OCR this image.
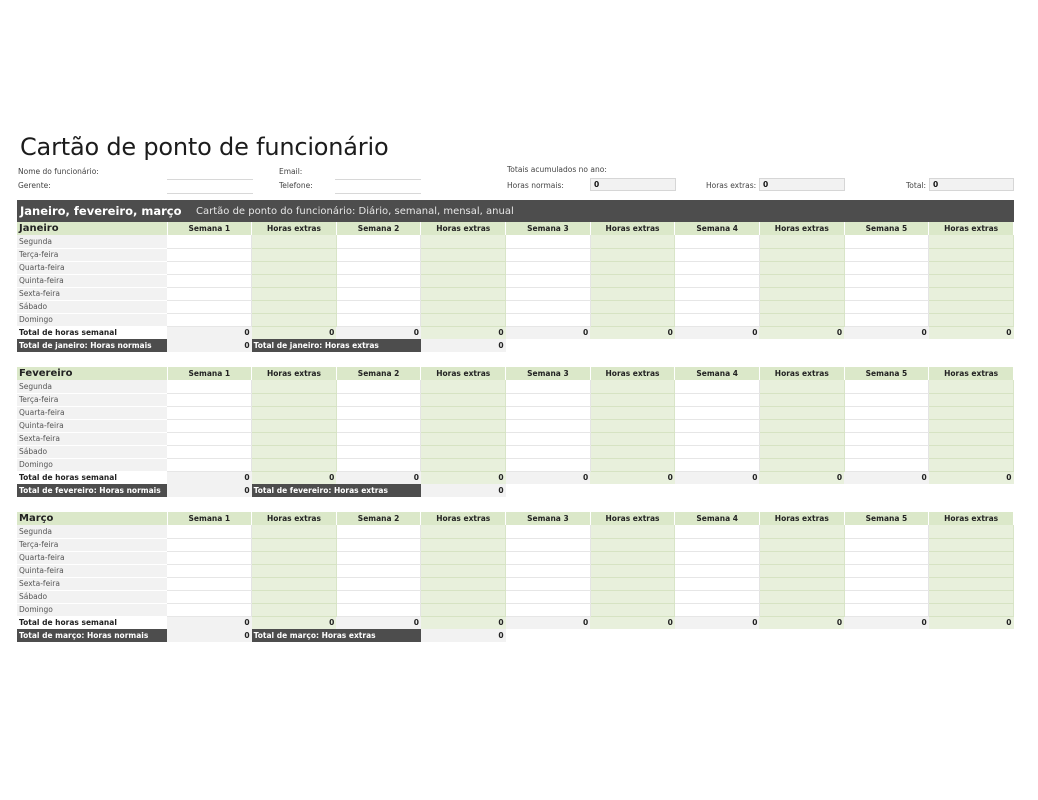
Cartão de ponto de funcionário
Nome do funcionário:
Gerente:
Email:
Telefone:
Totais acumulados no ano:
Horas normais:	0	Horas extras: 0	Total: 0
Janeiro, fevereiro, março	Cartão de ponto do funcionário: Diário, semanal, mensal, anual
Janeiro	Semana 1	Horas extras	Semana 2	Horas extras	Semana 3	Horas extras	Semana 4	Horas extras	Semana 5	Horas extras
Segunda										
Terça-feira										
Quarta-feira										
Quinta-feira										
Sexta-feira										
Sábado										
Domingo										
Total de horas semanal	0	0	0	0	0	0	0	0	0	0
Total de janeiro: Horas normais	0	Total de janeiro: Horas extras		0						
Fevereiro	Semana 1	Horas extras	Semana 2	Horas extras	Semana 3	Horas extras	Semana 4	Horas extras	Semana 5	Horas extras
Segunda										
Terça-feira										
Quarta-feira										
Quinta-feira										
Sexta-feira										
Sábado										
Domingo										
Total de horas semanal	0	0	0	0	0	0	0	0	0	0
Total de fevereiro: Horas normais	0	Total de fevereiro: Horas extras		0						
Março	Semana 1	Horas extras	Semana 2	Horas extras	Semana 3	Horas extras	Semana 4	Horas extras	Semana 5	Horas extras
Segunda										
Terça-feira										
Quarta-feira										
Quinta-feira										
Sexta-feira										
Sábado										
Domingo										
Total de horas semanal	0	0	0	0	0	0	0	0	0	0
Total de março: Horas normais	0	Total de março: Horas extras		0						
